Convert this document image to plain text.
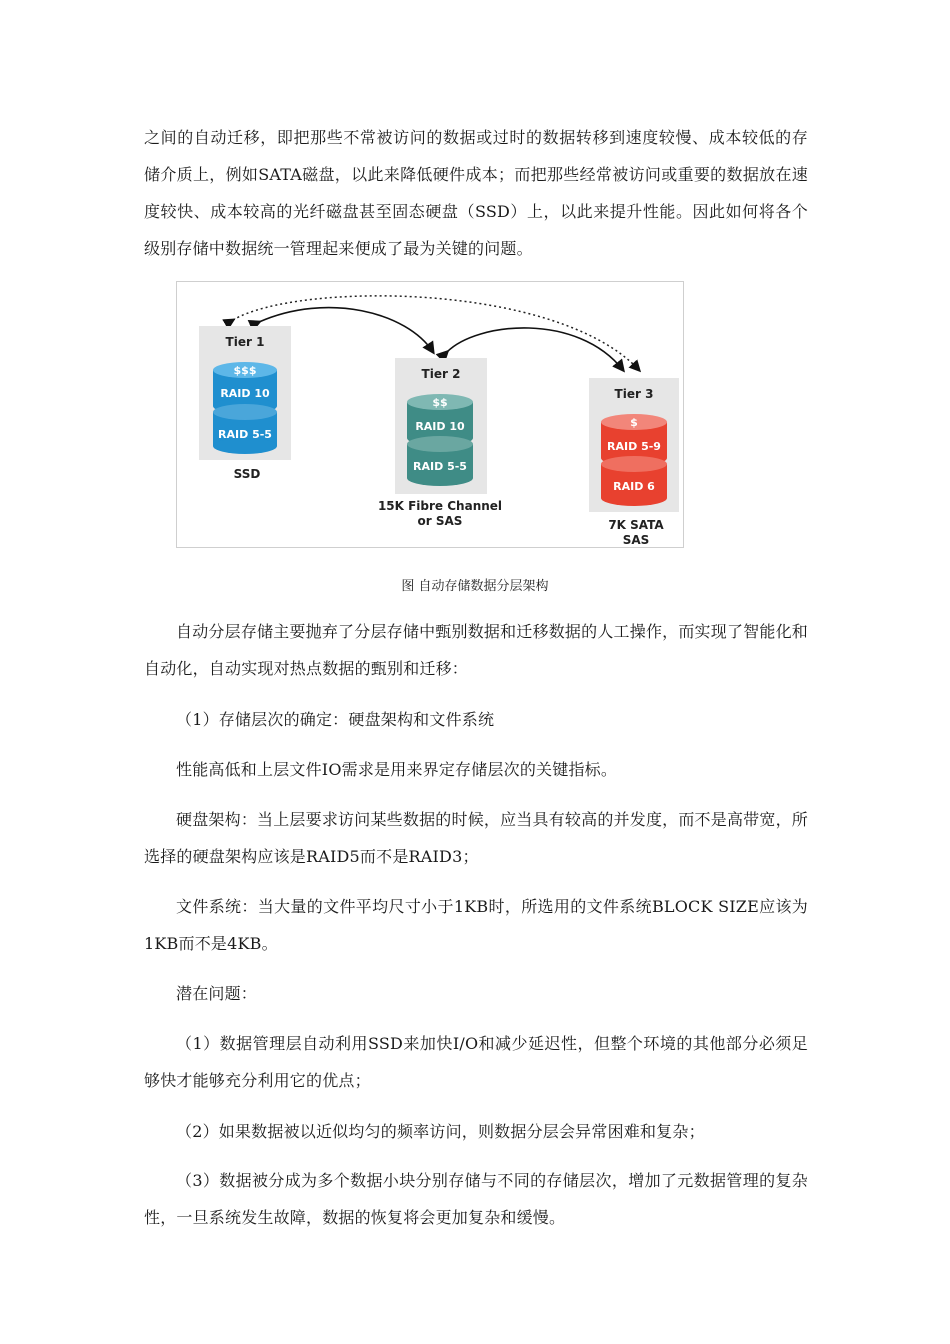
之间的自动迁移，即把那些不常被访问的数据或过时的数据转移到速度较慢、成本较低的存储介质上，例如SATA磁盘，以此来降低硬件成本；而把那些经常被访问或重要的数据放在速度较快、成本较高的光纤磁盘甚至固态硬盘（SSD）上，以此来提升性能。因此如何将各个级别存储中数据统一管理起来便成了最为关键的问题。

Tier 1
$$$
RAID 10
RAID 5-5
SSD
Tier 2
$$
RAID 10
RAID 5-5
15K Fibre Channel
or SAS
Tier 3
$
RAID 5-9
RAID 6
7K SATA
SAS
图 自动存储数据分层架构

自动分层存储主要抛弃了分层存储中甄别数据和迁移数据的人工操作，而实现了智能化和自动化，自动实现对热点数据的甄别和迁移：

（1）存储层次的确定：硬盘架构和文件系统

性能高低和上层文件IO需求是用来界定存储层次的关键指标。

硬盘架构：当上层要求访问某些数据的时候，应当具有较高的并发度，而不是高带宽，所选择的硬盘架构应该是RAID5而不是RAID3；

文件系统：当大量的文件平均尺寸小于1KB时，所选用的文件系统BLOCK SIZE应该为1KB而不是4KB。

潜在问题：

（1）数据管理层自动利用SSD来加快I/O和减少延迟性，但整个环境的其他部分必须足够快才能够充分利用它的优点；

（2）如果数据被以近似均匀的频率访问，则数据分层会异常困难和复杂；

（3）数据被分成为多个数据小块分别存储与不同的存储层次，增加了元数据管理的复杂性，一旦系统发生故障，数据的恢复将会更加复杂和缓慢。
